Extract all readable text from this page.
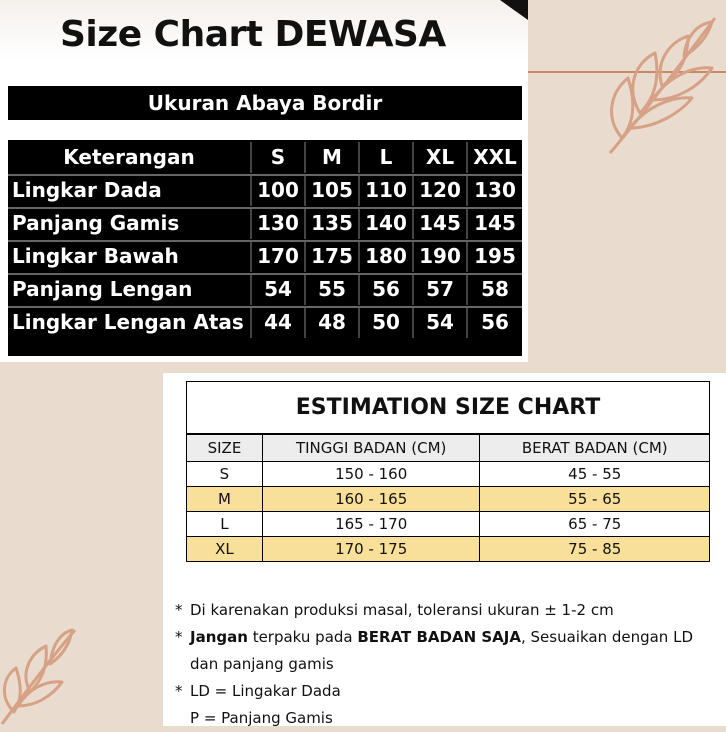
Size Chart DEWASA
Ukuran Abaya Bordir
Keterangan	S	M	L	XL XXL
Lingkar Dada	100 105 110 120 130
Panjang Gamis	130 135 140 145 145
Lingkar Bawah	170 175 180 190 195
Panjang Lengan	54	55	56	57	58
Lingkar Lengan Atas	44	48	50	54	56
ESTIMATION SIZE CHART		
SIZE	TINGGI BADAN (CM)	BERAT BADAN (CM)
S	150 - 160	45 - 55
M	160 - 165	55 - 65
L	165 - 170	65 - 75
XL	170 - 175	75 - 85
* Di karenakan produksi masal, toleransi ukuran ± 1-2 cm
* Jangan terpaku pada BERAT BADAN SAJA, Sesuaikan dengan LD
dan panjang gamis
* LD = Lingakar Dada
P = Panjang Gamis
